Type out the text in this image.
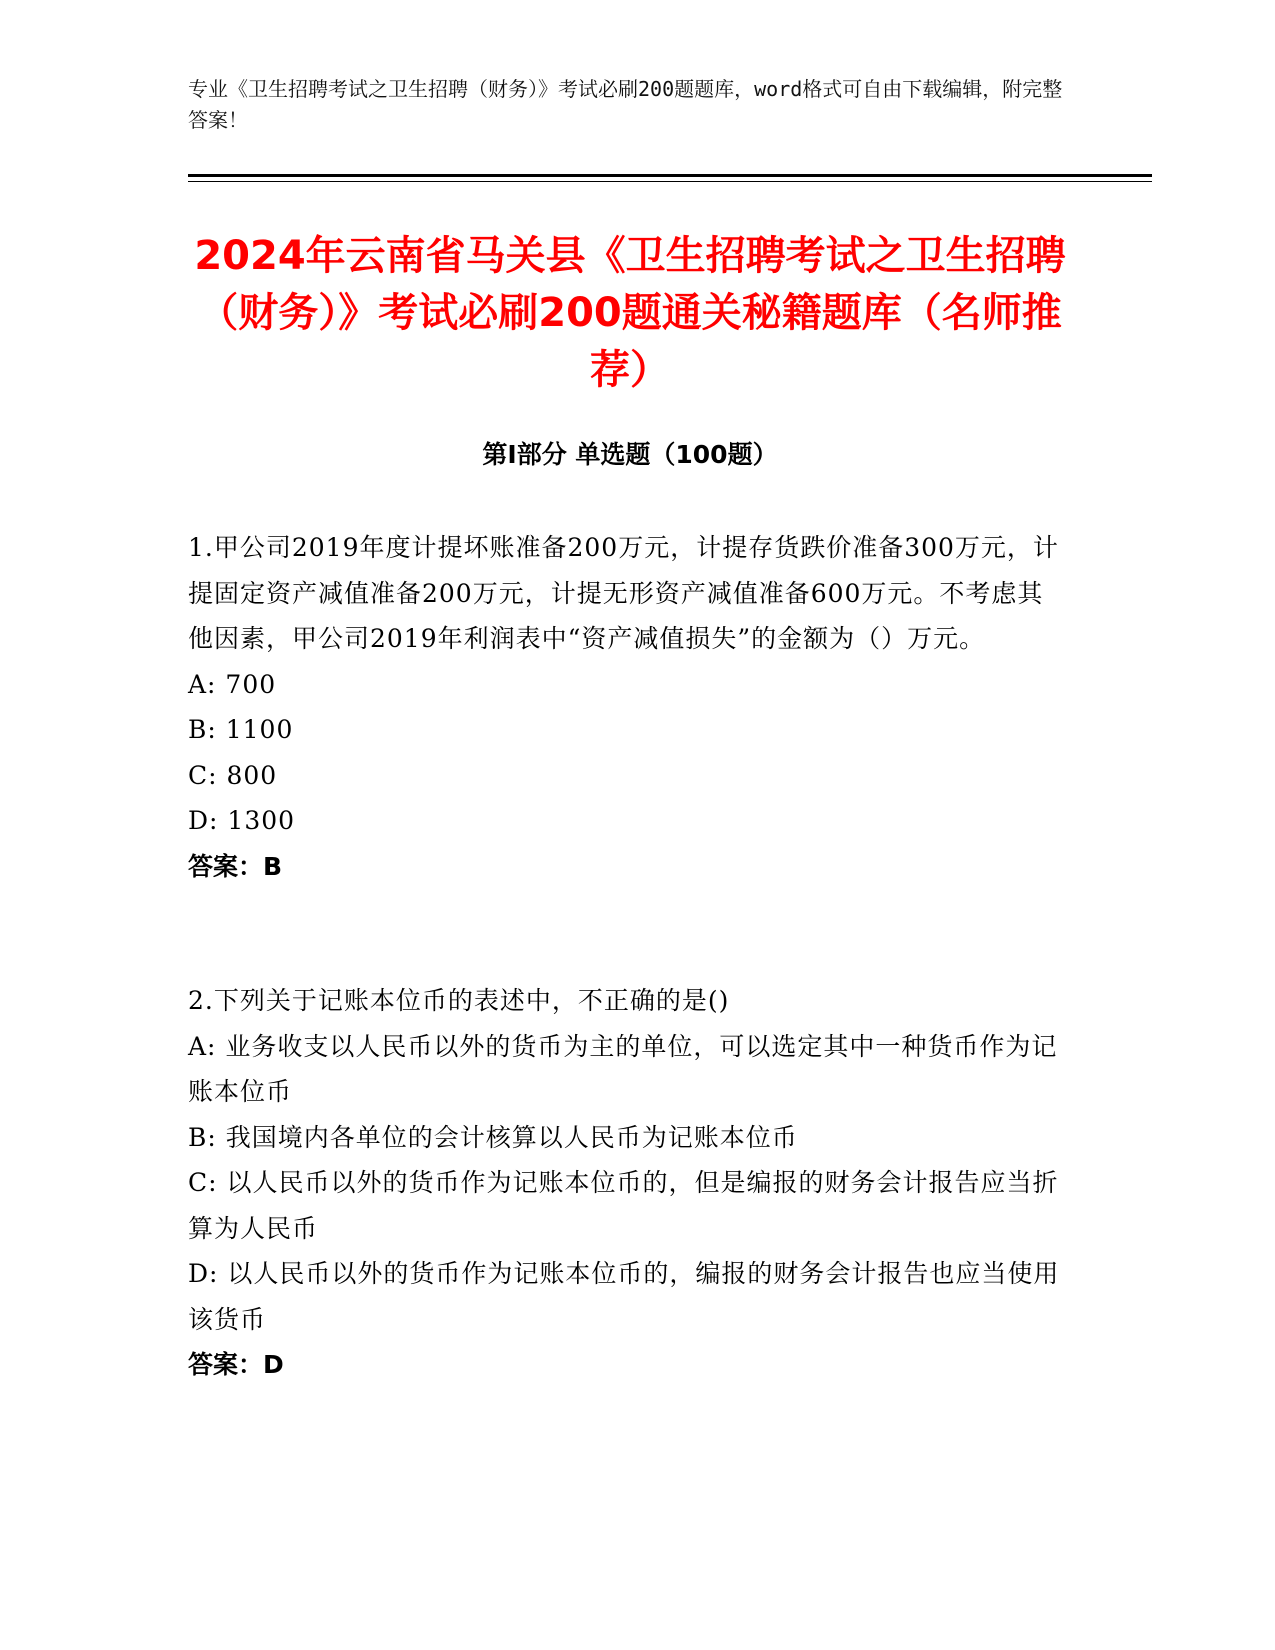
专业《卫生招聘考试之卫生招聘（财务）》考试必刷200题题库，word格式可自由下载编辑，附完整答案！
2024年云南省马关县《卫生招聘考试之卫生招聘（财务）》考试必刷200题通关秘籍题库（名师推荐）
第I部分 单选题（100题）

1.甲公司2019年度计提坏账准备200万元，计提存货跌价准备300万元，计提固定资产减值准备200万元，计提无形资产减值准备600万元。不考虑其他因素，甲公司2019年利润表中“资产减值损失”的金额为（）万元。

A: 700

B: 1100

C: 800

D: 1300

答案：B

2.下列关于记账本位币的表述中，不正确的是()

A: 业务收支以人民币以外的货币为主的单位，可以选定其中一种货币作为记账本位币

B: 我国境内各单位的会计核算以人民币为记账本位币

C: 以人民币以外的货币作为记账本位币的，但是编报的财务会计报告应当折算为人民币

D: 以人民币以外的货币作为记账本位币的，编报的财务会计报告也应当使用该货币

答案：D
